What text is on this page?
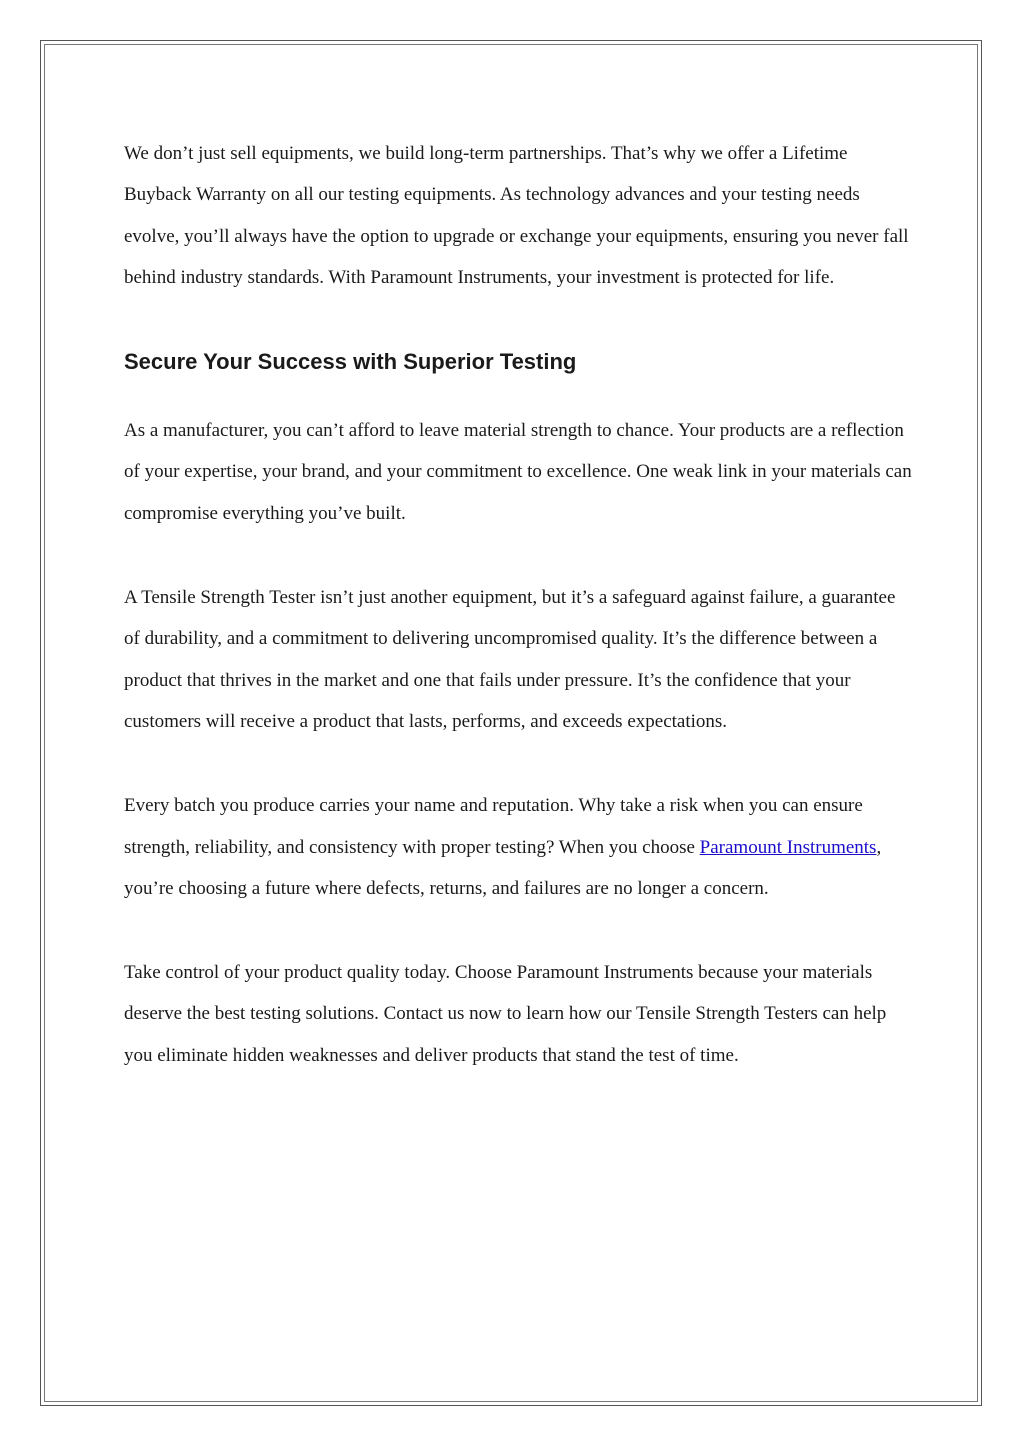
We don’t just sell equipments, we build long-term partnerships. That’s why we offer a Lifetime Buyback Warranty on all our testing equipments. As technology advances and your testing needs evolve, you’ll always have the option to upgrade or exchange your equipments, ensuring you never fall behind industry standards. With Paramount Instruments, your investment is protected for life.

Secure Your Success with Superior Testing

As a manufacturer, you can’t afford to leave material strength to chance. Your products are a reflection of your expertise, your brand, and your commitment to excellence. One weak link in your materials can compromise everything you’ve built.

A Tensile Strength Tester isn’t just another equipment, but it’s a safeguard against failure, a guarantee of durability, and a commitment to delivering uncompromised quality. It’s the difference between a product that thrives in the market and one that fails under pressure. It’s the confidence that your customers will receive a product that lasts, performs, and exceeds expectations.

Every batch you produce carries your name and reputation. Why take a risk when you can ensure strength, reliability, and consistency with proper testing? When you choose Paramount Instruments, you’re choosing a future where defects, returns, and failures are no longer a concern.

Take control of your product quality today. Choose Paramount Instruments because your materials deserve the best testing solutions. Contact us now to learn how our Tensile Strength Testers can help you eliminate hidden weaknesses and deliver products that stand the test of time.
